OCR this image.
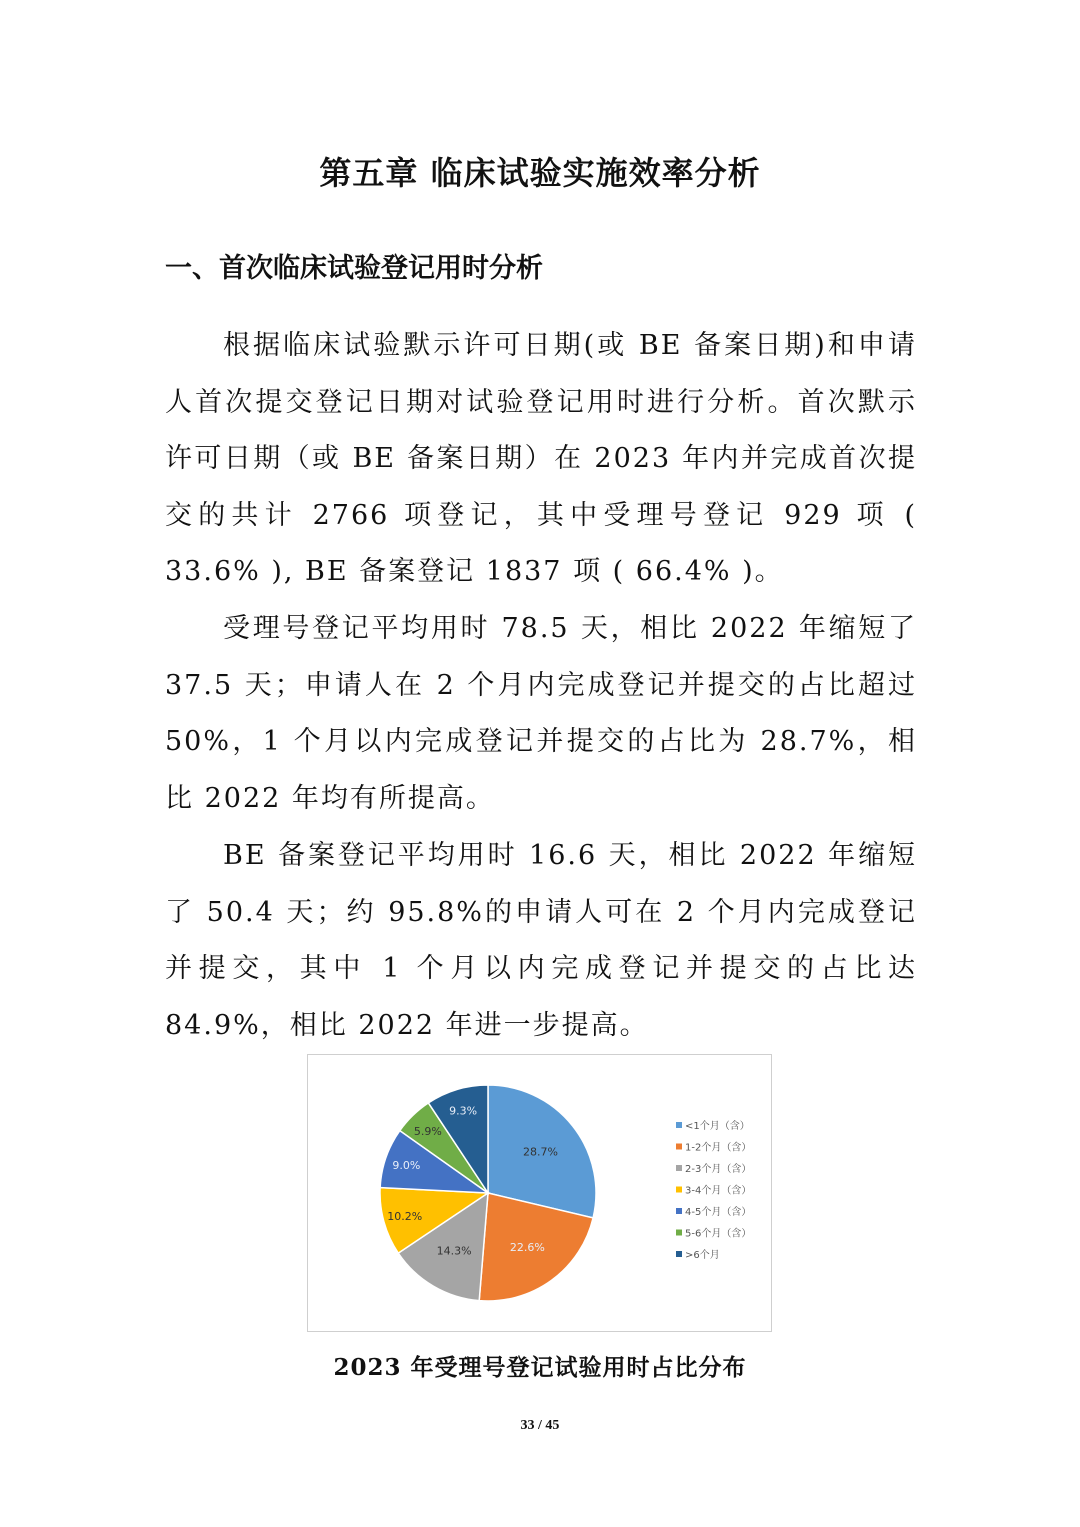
第五章 临床试验实施效率分析
一、首次临床试验登记用时分析
根据临床试验默示许可日期(或 BE 备案日期)和申请人首次提交登记日期对试验登记用时进行分析。首次默示许可日期（或 BE 备案日期）在 2023 年内并完成首次提交的共计 2766 项登记，其中受理号登记 929 项 ( 33.6% ), BE 备案登记 1837 项 ( 66.4% )。
受理号登记平均用时 78.5 天，相比 2022 年缩短了 37.5 天；申请人在 2 个月内完成登记并提交的占比超过 50%，1 个月以内完成登记并提交的占比为 28.7%，相比 2022 年均有所提高。
BE 备案登记平均用时 16.6 天，相比 2022 年缩短了 50.4 天；约 95.8%的申请人可在 2 个月内完成登记并提交，其中 1 个月以内完成登记并提交的占比达 84.9%，相比 2022 年进一步提高。
28.7%
22.6%
14.3%
10.2%
9.0%
5.9%
9.3%
<1个月（含）
1-2个月（含）
2-3个月（含）
3-4个月（含）
4-5个月（含）
5-6个月（含）
>6个月
2023 年受理号登记试验用时占比分布
33 / 45
